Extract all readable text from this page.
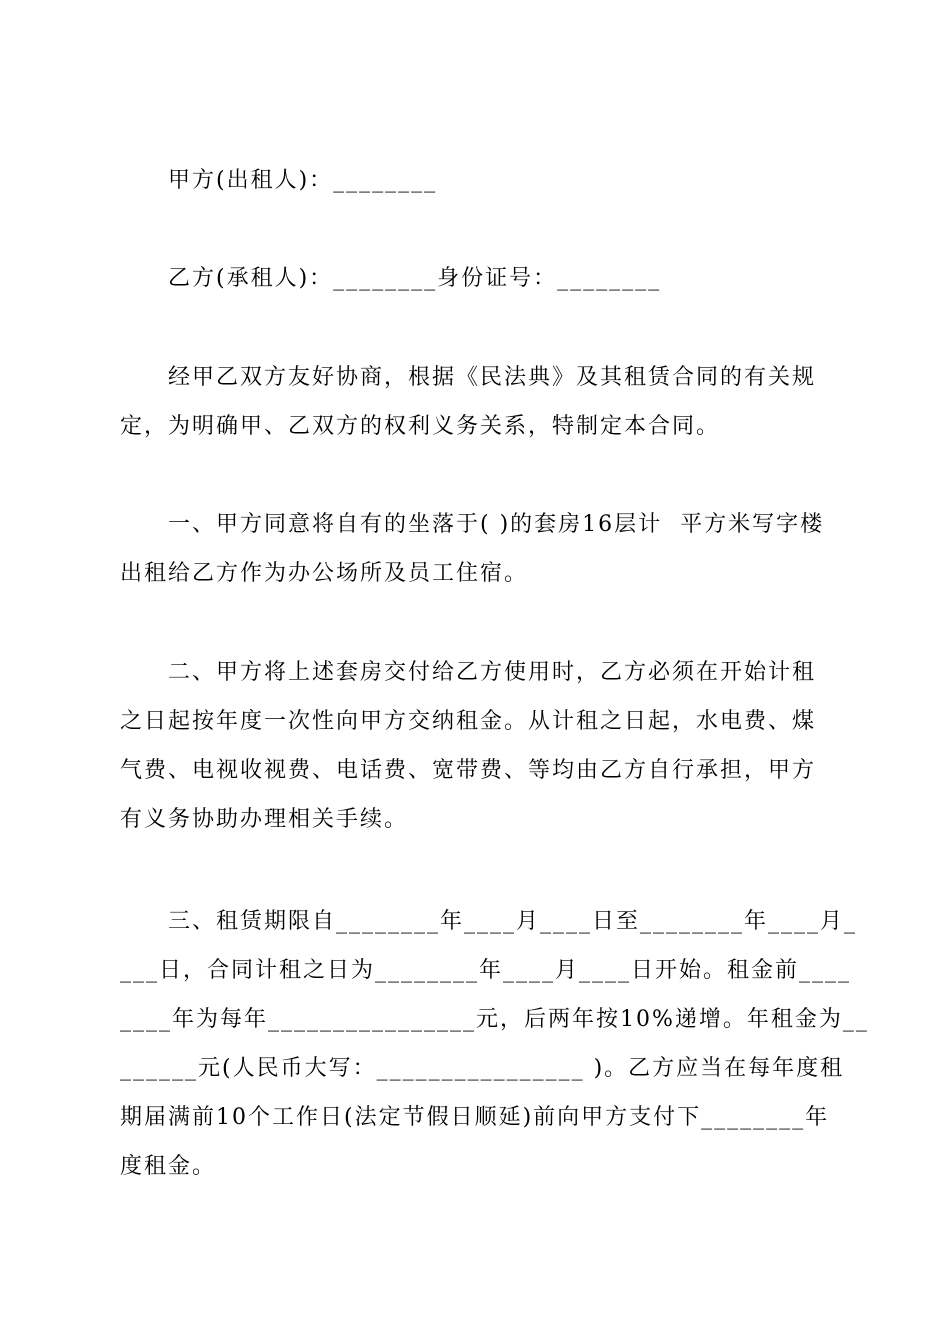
甲方(出租人)：________
乙方(承租人)：________身份证号：________
经甲乙双方友好协商，根据《民法典》及其租赁合同的有关规
定，为明确甲、乙双方的权利义务关系，特制定本合同。
一、甲方同意将自有的坐落于( )的套房16层计  平方米写字楼
出租给乙方作为办公场所及员工住宿。
二、甲方将上述套房交付给乙方使用时，乙方必须在开始计租
之日起按年度一次性向甲方交纳租金。从计租之日起，水电费、煤
气费、电视收视费、电话费、宽带费、等均由乙方自行承担，甲方
有义务协助办理相关手续。
三、租赁期限自________年____月____日至________年____月_
___日，合同计租之日为________年____月____日开始。租金前____
____年为每年________________元，后两年按10%递增。年租金为__
______元(人民币大写：________________ )。乙方应当在每年度租
期届满前10个工作日(法定节假日顺延)前向甲方支付下________年
度租金。
